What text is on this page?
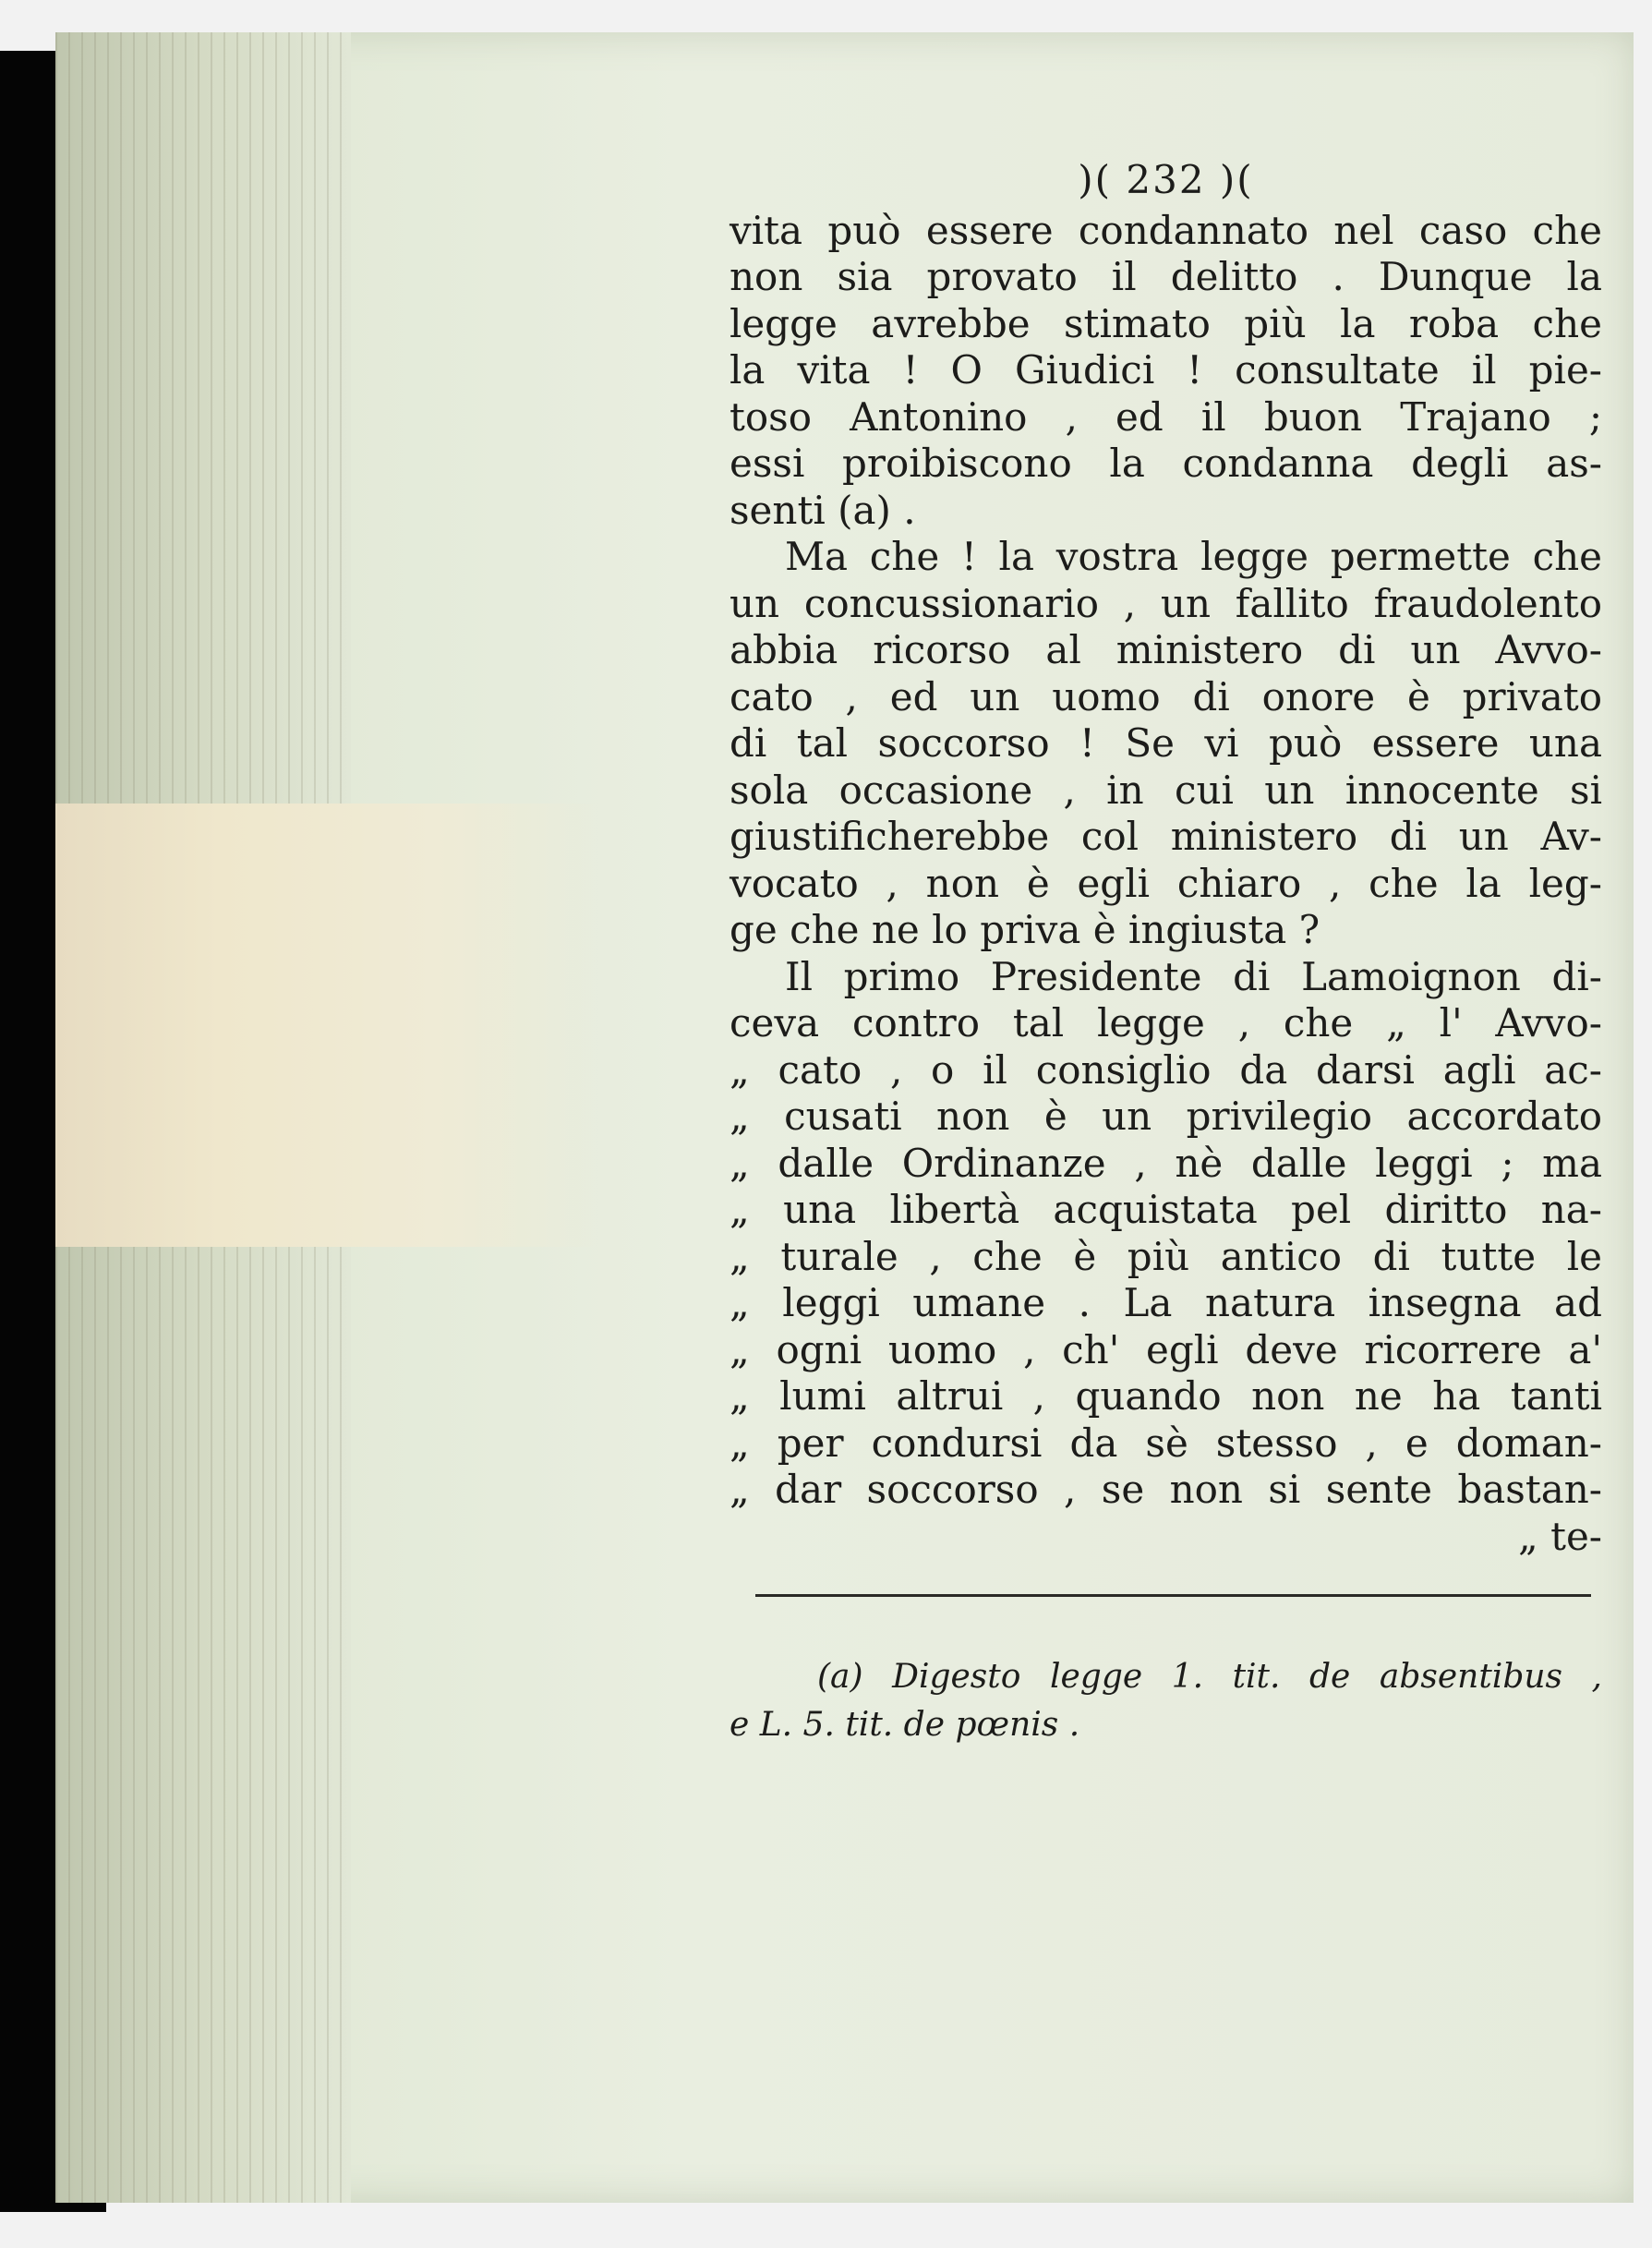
)( 232 )(
vita può essere condannato nel caso che
non sia provato il delitto . Dunque la
legge avrebbe stimato più la roba che
la vita ! O Giudici ! consultate il pie-
toso Antonino , ed il buon Trajano ;
essi proibiscono la condanna degli as-
senti (a) .
Ma che ! la vostra legge permette che
un concussionario , un fallito fraudolento
abbia ricorso al ministero di un Avvo-
cato , ed un uomo di onore è privato
di tal soccorso ! Se vi può essere una
sola occasione , in cui un innocente si
giustificherebbe col ministero di un Av-
vocato , non è egli chiaro , che la leg-
ge che ne lo priva è ingiusta ?
Il primo Presidente di Lamoignon di-
ceva contro tal legge , che „ l' Avvo-
„ cato , o il consiglio da darsi agli ac-
„ cusati non è un privilegio accordato
„ dalle Ordinanze , nè dalle leggi ; ma
„ una libertà acquistata pel diritto na-
„ turale , che è più antico di tutte le
„ leggi umane . La natura insegna ad
„ ogni uomo , ch' egli deve ricorrere a'
„ lumi altrui , quando non ne ha tanti
„ per condursi da sè stesso , e doman-
„ dar soccorso , se non si sente bastan-
„ te-
(a) Digesto legge 1. tit. de absentibus ,
e L. 5. tit. de pœnis .
